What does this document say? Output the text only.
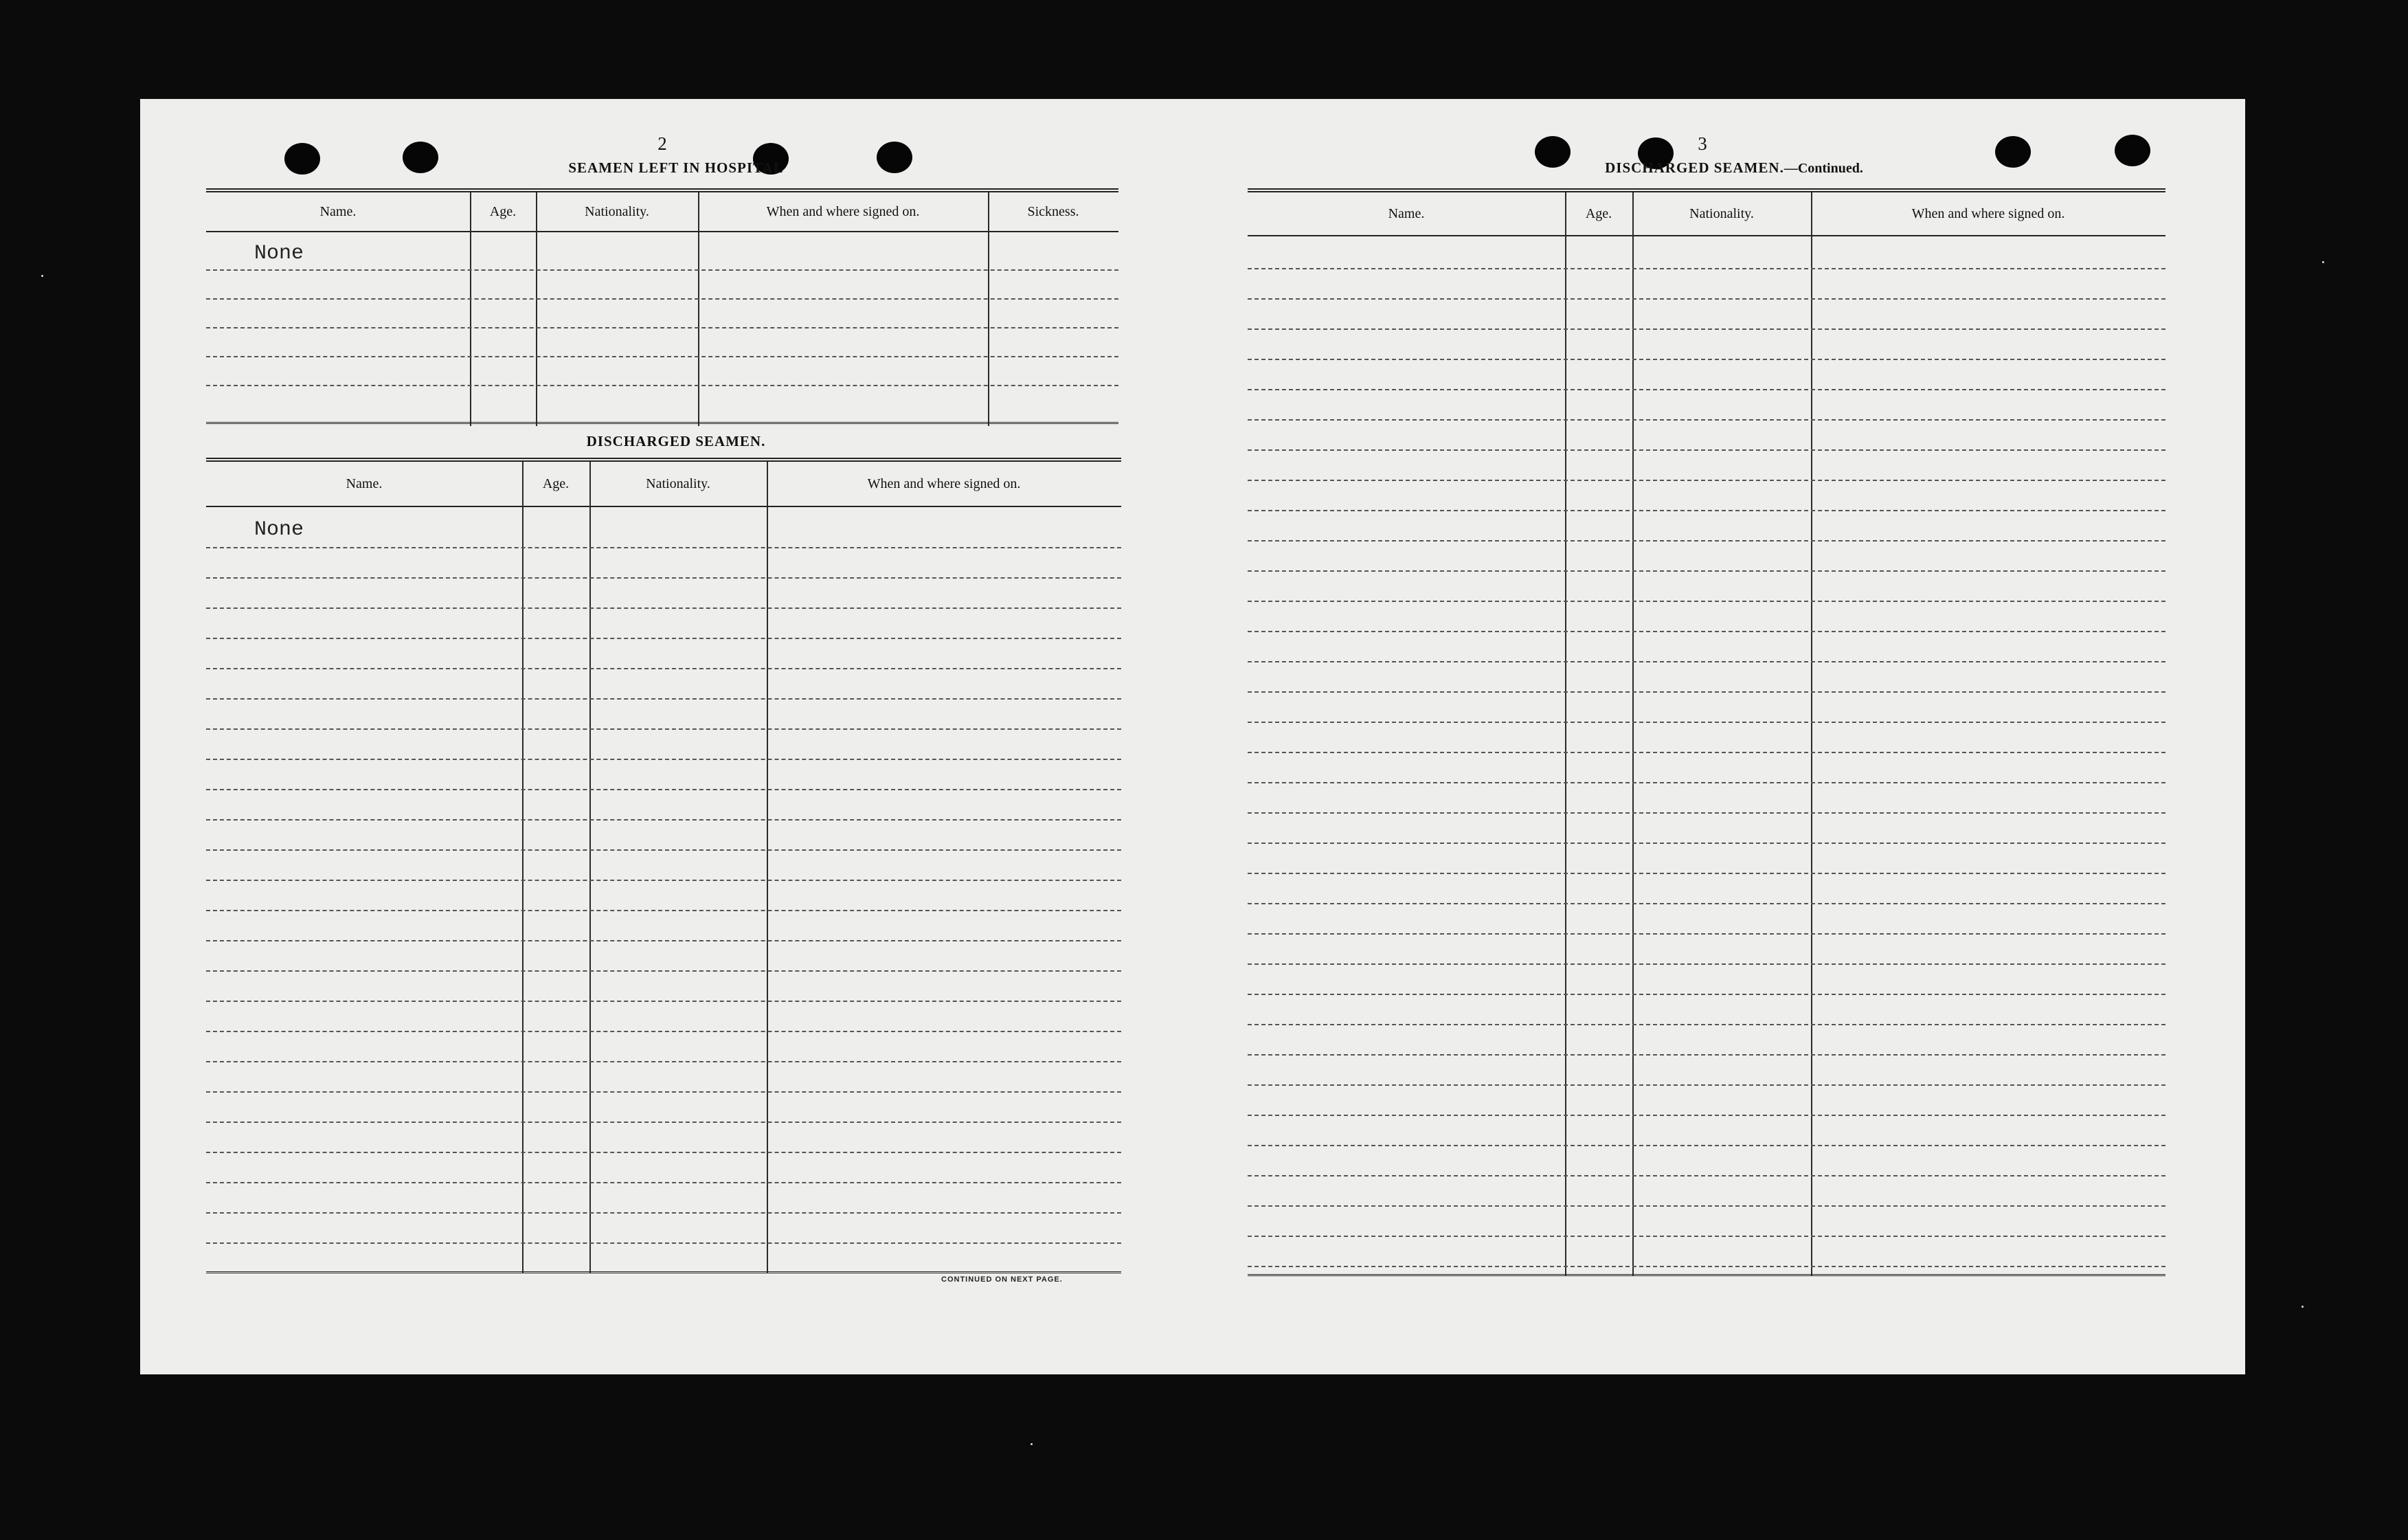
2
SEAMEN LEFT IN HOSPITAL
Name.	Age.	Nationality.	When and where signed on.	Sickness.
None
DISCHARGED SEAMEN.
Name.	Age.	Nationality.	When and where signed on.
None
CONTINUED ON NEXT PAGE.
3
DISCHARGED SEAMEN.—Continued.
Name.	Age.	Nationality.	When and where signed on.
